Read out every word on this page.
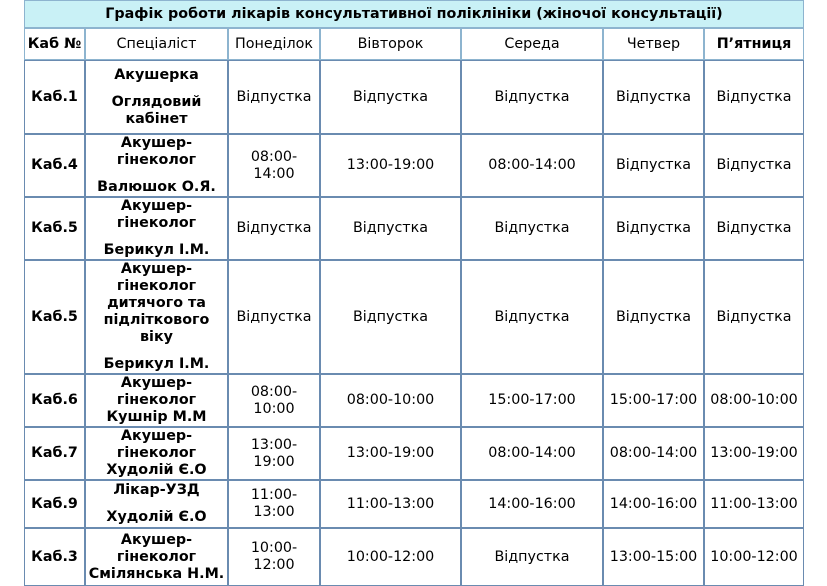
Графік роботи лікарів консультативної поліклініки (жіночої консультації)						
Каб №	Спеціаліст	Понеділок	Вівторок	Середа	Четвер	П’ятниця
Каб.1	Акушерка
Оглядовий
кабінет	Відпустка	Відпустка	Відпустка	Відпустка	Відпустка
Каб.4	Акушер-гінеколог
Валюшок О.Я.	08:00-14:00	13:00-19:00	08:00-14:00	Відпустка	Відпустка
Каб.5	Акушер-гінеколог
Берикул І.М.	Відпустка	Відпустка	Відпустка	Відпустка	Відпустка
Каб.5	Акушер-гінеколог
дитячого та
підліткового віку
Берикул І.М.	Відпустка	Відпустка	Відпустка	Відпустка	Відпустка
Каб.6	Акушер-гінеколог
Кушнір М.М	08:00-10:00	08:00-10:00	15:00-17:00	15:00-17:00	08:00-10:00
Каб.7	Акушер-гінеколог
Худолій Є.О	13:00-19:00	13:00-19:00	08:00-14:00	08:00-14:00	13:00-19:00
Каб.9	Лікар-УЗД
Худолій Є.О	11:00-13:00	11:00-13:00	14:00-16:00	14:00-16:00	11:00-13:00
Каб.3	Акушер-гінеколог
Смілянська Н.М.	10:00-12:00	10:00-12:00	Відпустка	13:00-15:00	10:00-12:00
